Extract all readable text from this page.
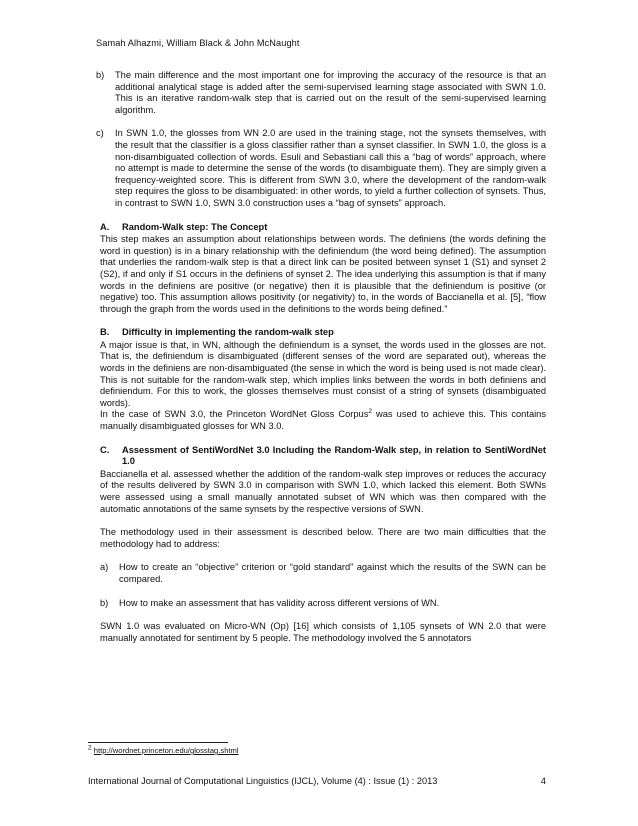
Samah Alhazmi, William Black & John McNaught
b)	The main difference and the most important one for improving the accuracy of the resource is that an additional analytical stage is added after the semi-supervised learning stage associated with SWN 1.0. This is an iterative random-walk step that is carried out on the result of the semi-supervised learning algorithm.
c)	In SWN 1.0, the glosses from WN 2.0 are used in the training stage, not the synsets themselves, with the result that the classifier is a gloss classifier rather than a synset classifier. In SWN 1.0, the gloss is a non-disambiguated collection of words. Esuli and Sebastiani call this a “bag of words” approach, where no attempt is made to determine the sense of the words (to disambiguate them). They are simply given a frequency-weighted score. This is different from SWN 3.0, where the development of the random-walk step requires the gloss to be disambiguated: in other words, to yield a further collection of synsets. Thus, in contrast to SWN 1.0, SWN 3.0 construction uses a “bag of synsets” approach.
A.	Random-Walk step: The Concept
This step makes an assumption about relationships between words. The definiens (the words defining the word in question) is in a binary relationship with the definiendum (the word being defined). The assumption that underlies the random-walk step is that a direct link can be posited between synset 1 (S1) and synset 2 (S2), if and only if S1 occurs in the definiens of synset 2. The idea underlying this assumption is that if many words in the definiens are positive (or negative) then it is plausible that the definiendum is positive (or negative) too. This assumption allows positivity (or negativity) to, in the words of Baccianella et al. [5], “flow through the graph from the words used in the definitions to the words being defined.”
B.	Difficulty in implementing the random-walk step
A major issue is that, in WN, although the definiendum is a synset, the words used in the glosses are not. That is, the definiendum is disambiguated (different senses of the word are separated out), whereas the words in the definiens are non-disambiguated (the sense in which the word is being used is not made clear). This is not suitable for the random-walk step, which implies links between the words in both definiens and definiendum. For this to work, the glosses themselves must consist of a string of synsets (disambiguated words).
In the case of SWN 3.0, the Princeton WordNet Gloss Corpus$^2$ was used to achieve this. This contains manually disambiguated glosses for WN 3.0.
C.	Assessment of SentiWordNet 3.0 Including the Random-Walk step, in relation to SentiWordNet 1.0
Baccianella et al. assessed whether the addition of the random-walk step improves or reduces the accuracy of the results delivered by SWN 3.0 in comparison with SWN 1.0, which lacked this element. Both SWNs were assessed using a small manually annotated subset of WN which was then compared with the automatic annotations of the same synsets by the respective versions of SWN.
The methodology used in their assessment is described below. There are two main difficulties that the methodology had to address:
a)	How to create an “objective” criterion or “gold standard” against which the results of the SWN can be compared.
b)	How to make an assessment that has validity across different versions of WN.
SWN 1.0 was evaluated on Micro-WN (Op) [16] which consists of 1,105 synsets of WN 2.0 that were manually annotated for sentiment by 5 people. The methodology involved the 5 annotators
$^2$ http://wordnet.princeton.edu/glosstag.shtml
International Journal of Computational Linguistics (IJCL), Volume (4) : Issue (1) : 2013	4
